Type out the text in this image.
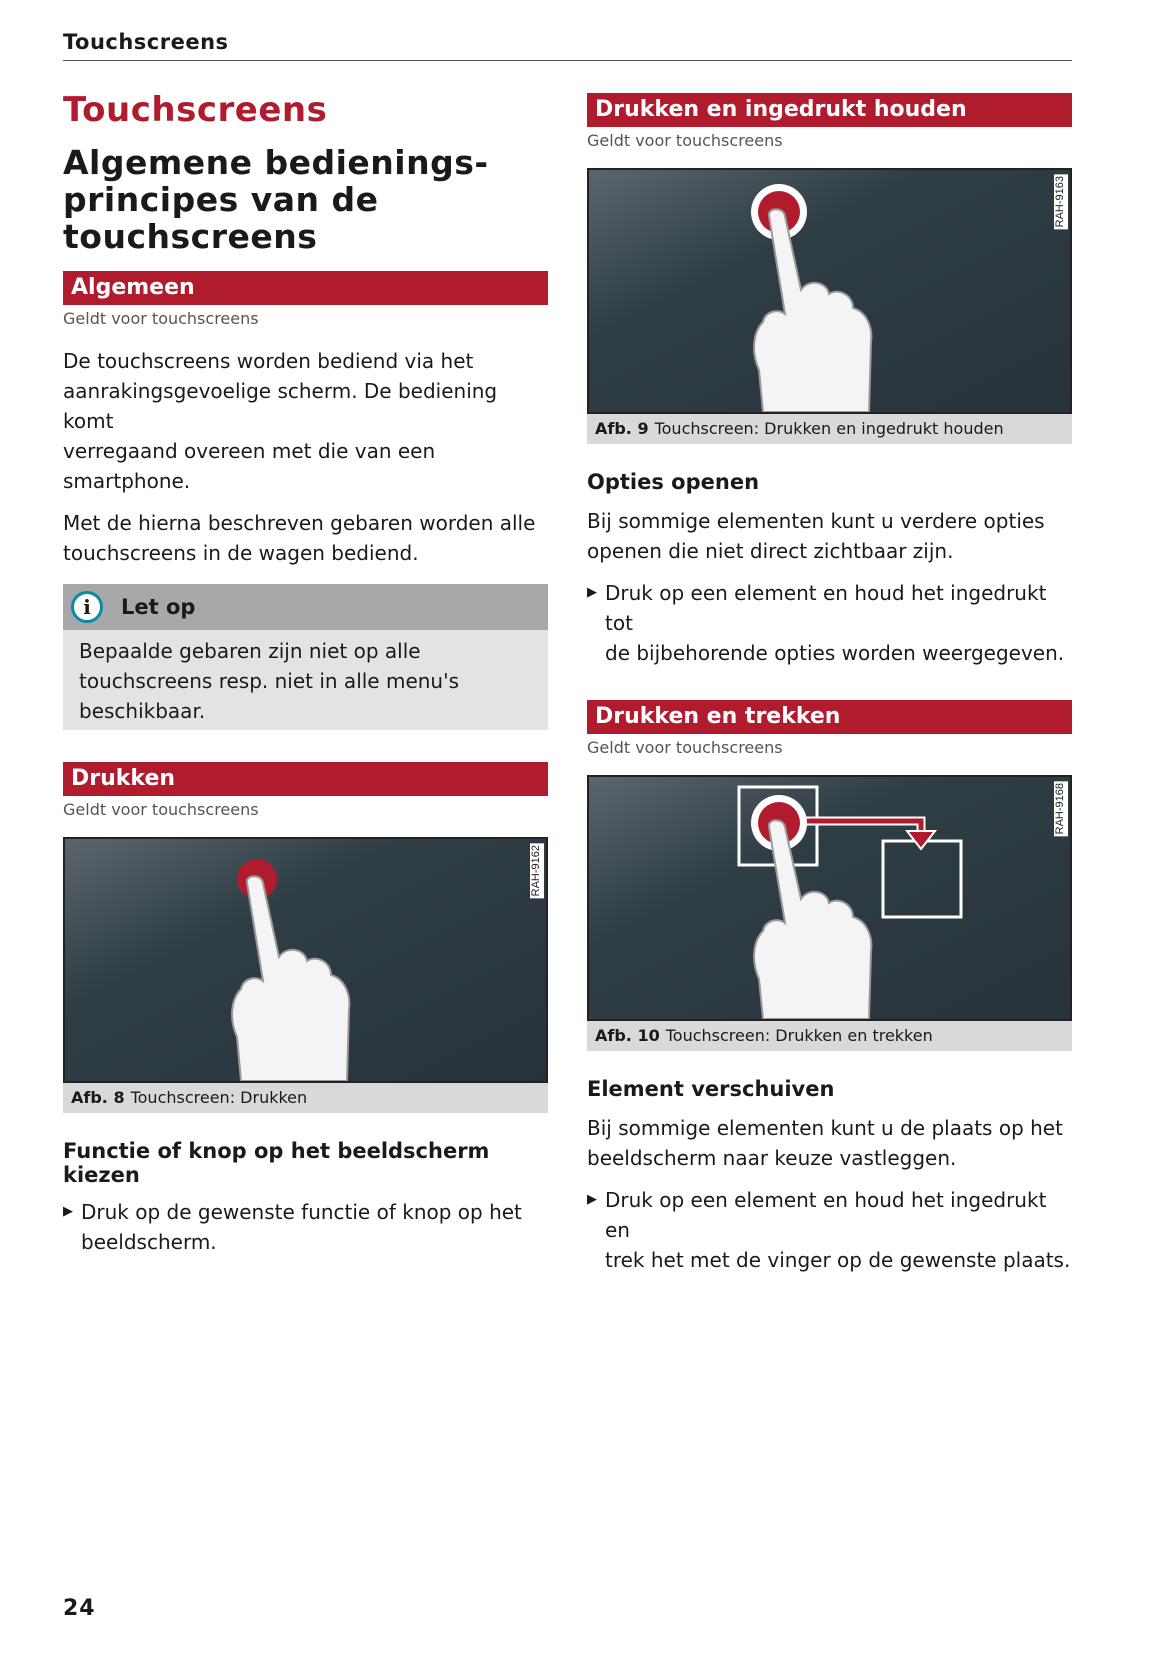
Touchscreens
Touchscreens
Algemene bedienings-
principes van de
touchscreens
Algemeen
Geldt voor touchscreens

De touchscreens worden bediend via het
aanrakingsgevoelige scherm. De bediening komt
verregaand overeen met die van een smartphone.

Met de hierna beschreven gebaren worden alle
touchscreens in de wagen bediend.

i	Let op
Bepaalde gebaren zijn niet op alle
touchscreens resp. niet in alle menu's
beschikbaar.
Drukken
Geldt voor touchscreens
RAH-9162
Afb. 8 Touchscreen: Drukken
Functie of knop op het beeldscherm kiezen
▶ Druk op de gewenste functie of knop op het
beeldscherm.
Drukken en ingedrukt houden
Geldt voor touchscreens
RAH-9163
Afb. 9 Touchscreen: Drukken en ingedrukt houden
Opties openen

Bij sommige elementen kunt u verdere opties
openen die niet direct zichtbaar zijn.

▶ Druk op een element en houd het ingedrukt tot
de bijbehorende opties worden weergegeven.
Drukken en trekken
Geldt voor touchscreens
RAH-9168
Afb. 10 Touchscreen: Drukken en trekken
Element verschuiven

Bij sommige elementen kunt u de plaats op het
beeldscherm naar keuze vastleggen.

▶ Druk op een element en houd het ingedrukt en
trek het met de vinger op de gewenste plaats.
24
